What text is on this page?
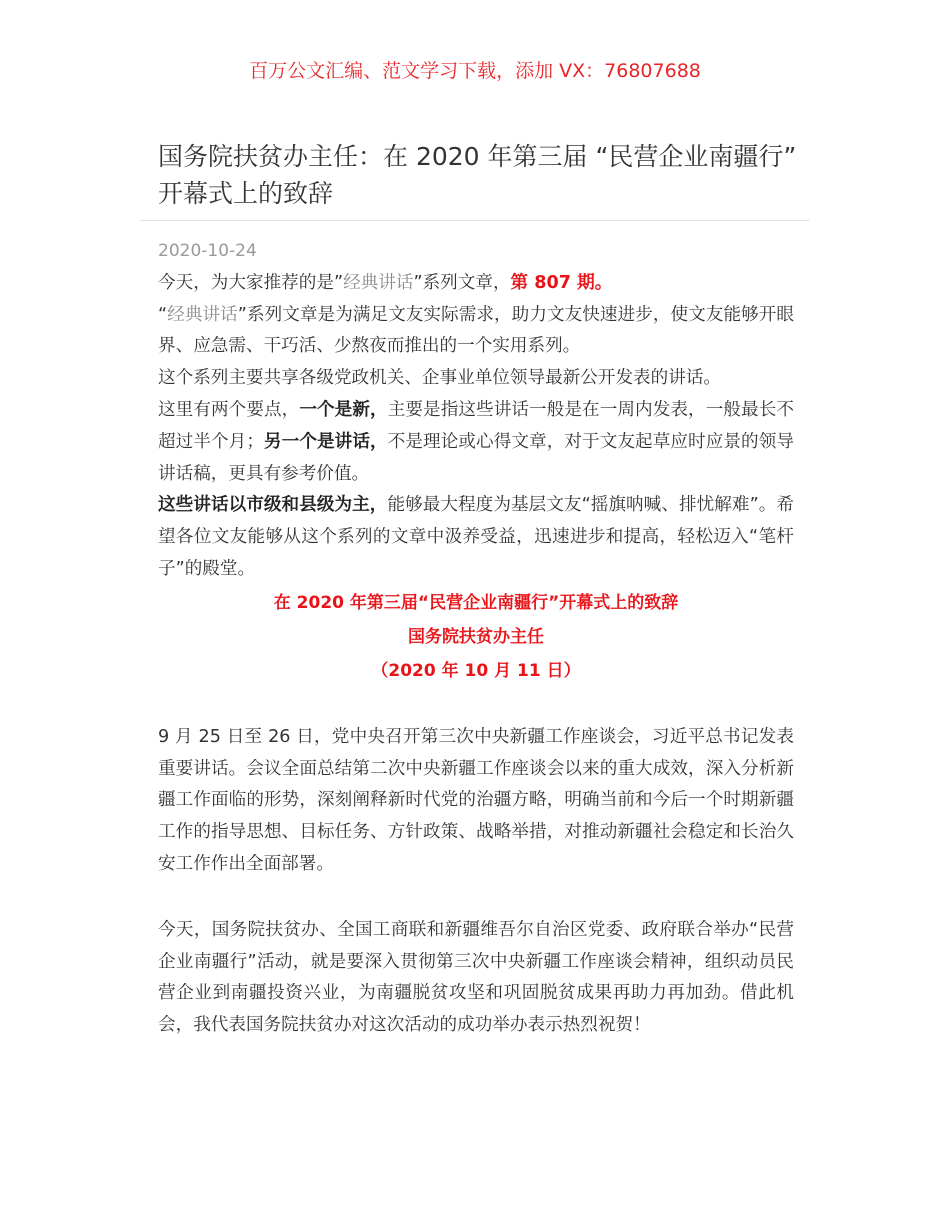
百万公文汇编、范文学习下载，添加 VX：76807688
国务院扶贫办主任：在 2020 年第三届 “民营企业南疆行” 开幕式上的致辞

2020-10-24

今天，为大家推荐的是”经典讲话”系列文章，第 807 期。

“经典讲话”系列文章是为满足文友实际需求，助力文友快速进步，使文友能够开眼界、应急需、干巧活、少熬夜而推出的一个实用系列。

这个系列主要共享各级党政机关、企事业单位领导最新公开发表的讲话。

这里有两个要点，一个是新，主要是指这些讲话一般是在一周内发表，一般最长不超过半个月；另一个是讲话，不是理论或心得文章，对于文友起草应时应景的领导讲话稿，更具有参考价值。

这些讲话以市级和县级为主，能够最大程度为基层文友“摇旗呐喊、排忧解难”。希望各位文友能够从这个系列的文章中汲养受益，迅速进步和提高，轻松迈入“笔杆子”的殿堂。

在 2020 年第三届“民营企业南疆行”开幕式上的致辞

国务院扶贫办主任

（2020 年 10 月 11 日）

9 月 25 日至 26 日，党中央召开第三次中央新疆工作座谈会，习近平总书记发表重要讲话。会议全面总结第二次中央新疆工作座谈会以来的重大成效，深入分析新疆工作面临的形势，深刻阐释新时代党的治疆方略，明确当前和今后一个时期新疆工作的指导思想、目标任务、方针政策、战略举措，对推动新疆社会稳定和长治久安工作作出全面部署。

今天，国务院扶贫办、全国工商联和新疆维吾尔自治区党委、政府联合举办“民营企业南疆行”活动，就是要深入贯彻第三次中央新疆工作座谈会精神，组织动员民营企业到南疆投资兴业，为南疆脱贫攻坚和巩固脱贫成果再助力再加劲。借此机会，我代表国务院扶贫办对这次活动的成功举办表示热烈祝贺！
